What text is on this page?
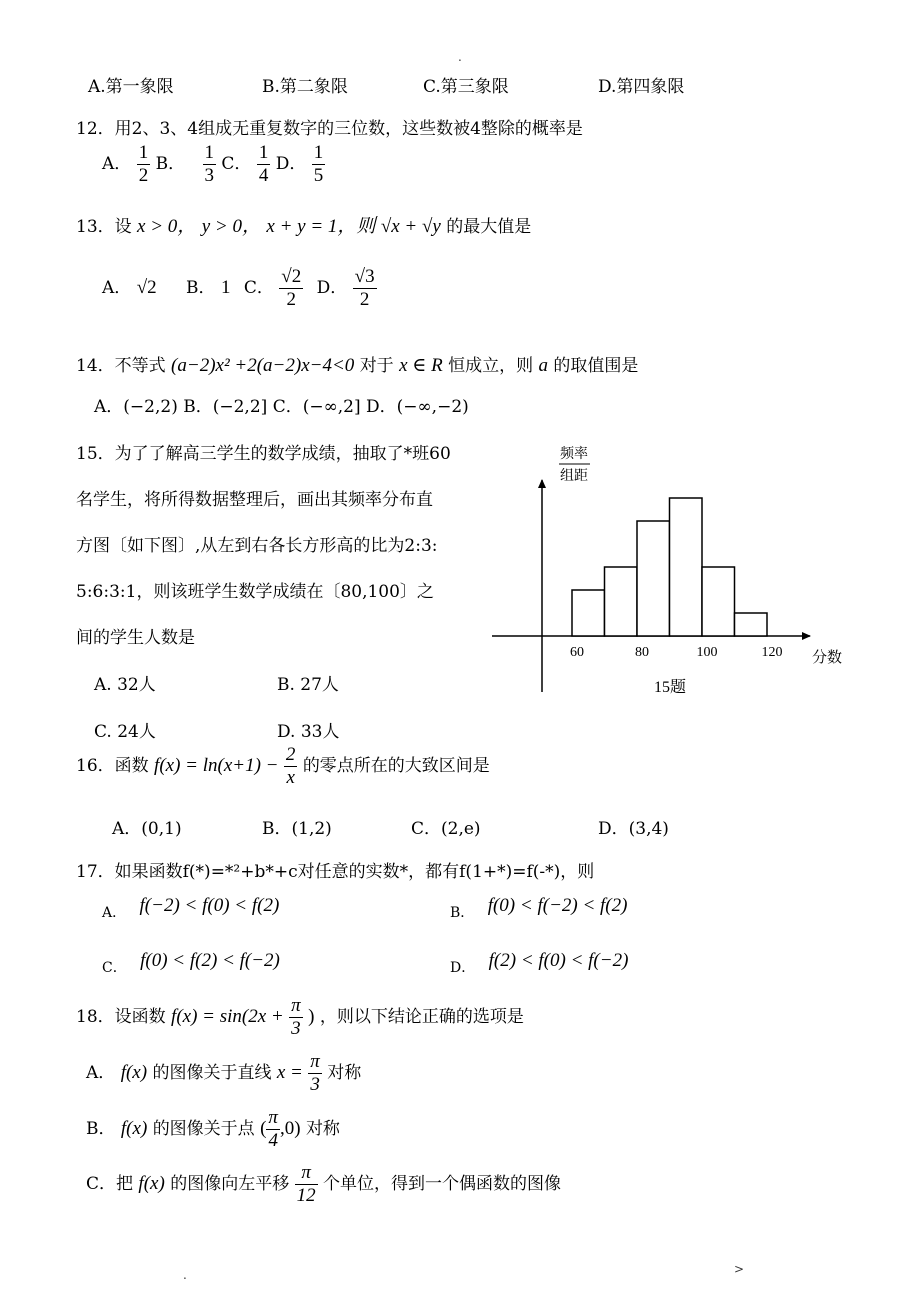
.
.	>
A.第一象限	B.第二象限	C.第三象限	D.第四象限
12．用2、3、4组成无重复数字的三位数，这些数被4整除的概率是
A． $\frac{1}{2}$ B． $\frac{1}{3}$ C． $\frac{1}{4}$ D． $\frac{1}{5}$
13．设 x > 0， y > 0， x + y = 1，则 √x + √y 的最大值是
A． √2 B． 1 C． $\frac{√2}{2}$ D． $\frac{√3}{2}$
14．不等式 (a−2)x² +2(a−2)x−4<0 对于 x ∈ R 恒成立，则 a 的取值围是
A．(−2,2) B．(−2,2] C．(−∞,2] D．(−∞,−2)
15．为了了解高三学生的数学成绩，抽取了*班60
名学生，将所得数据整理后，画出其频率分布直
方图〔如下图〕,从左到右各长方形高的比为2:3:
5:6:3:1，则该班学生数学成绩在〔80,100〕之
间的学生人数是
A. 32人	B. 27人
C. 24人	D. 33人
频率
组距
60	80	100	120 分数
15题
16．函数 $f(x) = \ln(x+1) - \frac{2}{x}$ 的零点所在的大致区间是
A．(0,1)	B．(1,2)	C．(2,e)	D．(3,4)
17．如果函数f(*)=*²+b*+c对任意的实数*，都有f(1+*)=f(-*)，则
$_{A.}$ f(−2) < f(0) < f(2)	$_{B.}$ f(0) < f(−2) < f(2)
$_{C.}$ f(0) < f(2) < f(−2)	$_{D.}$ f(2) < f(0) < f(−2)
18．设函数 $f(x) = \sin(2x + \frac{\pi}{3}$ ) ，则以下结论正确的选项是
A． f(x) 的图像关于直线 $x = \frac{\pi}{3}$ 对称
B． f(x) 的图像关于点 ( $\frac{\pi}{4} ,0$) 对称
C．把 f(x) 的图像向左平移 $\frac{\pi}{12}$ 个单位，得到一个偶函数的图像
